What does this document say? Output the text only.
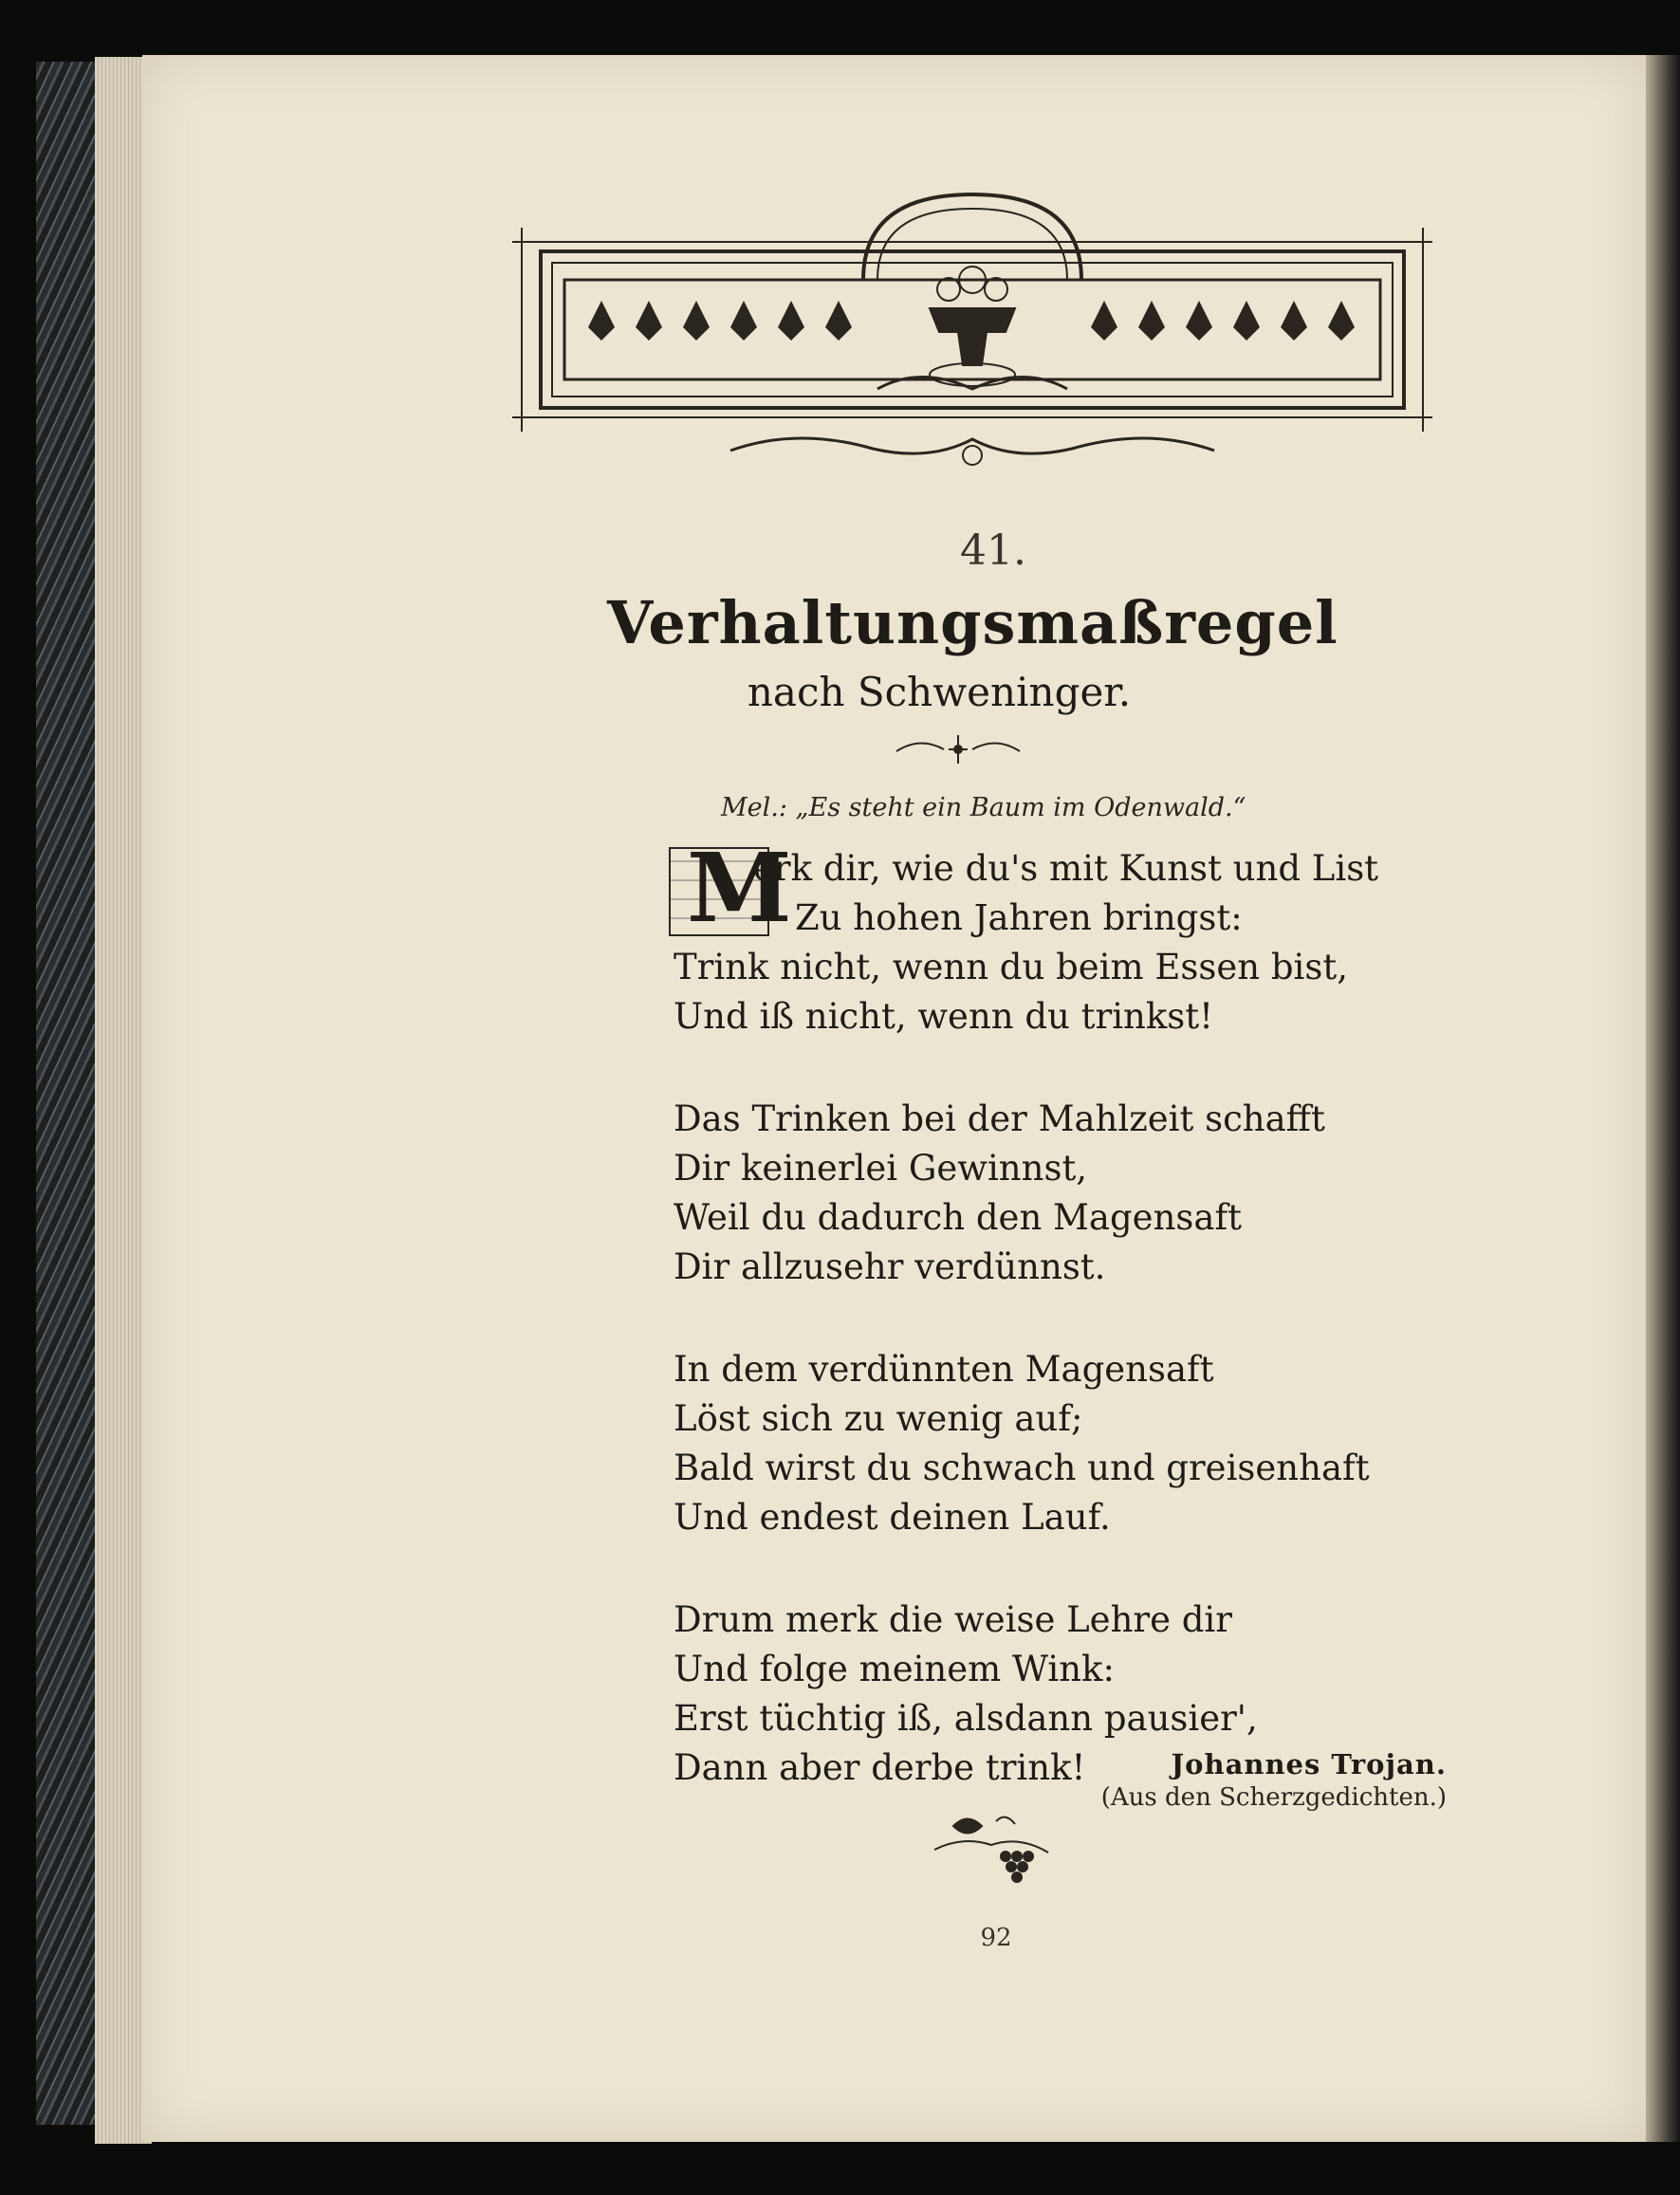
41.
Verhaltungsmaßregel
nach Schweninger.
Mel.: „Es steht ein Baum im Odenwald.“
M
erk dir, wie du's mit Kunst und List
Zu hohen Jahren bringst:
Trink nicht, wenn du beim Essen bist,
Und iß nicht, wenn du trinkst!
Das Trinken bei der Mahlzeit schafft
Dir keinerlei Gewinnst,
Weil du dadurch den Magensaft
Dir allzusehr verdünnst.
In dem verdünnten Magensaft
Löst sich zu wenig auf;
Bald wirst du schwach und greisenhaft
Und endest deinen Lauf.
Drum merk die weise Lehre dir
Und folge meinem Wink:
Erst tüchtig iß, alsdann pausier',
Dann aber derbe trink!	Johannes Trojan.
(Aus den Scherzgedichten.)
92
